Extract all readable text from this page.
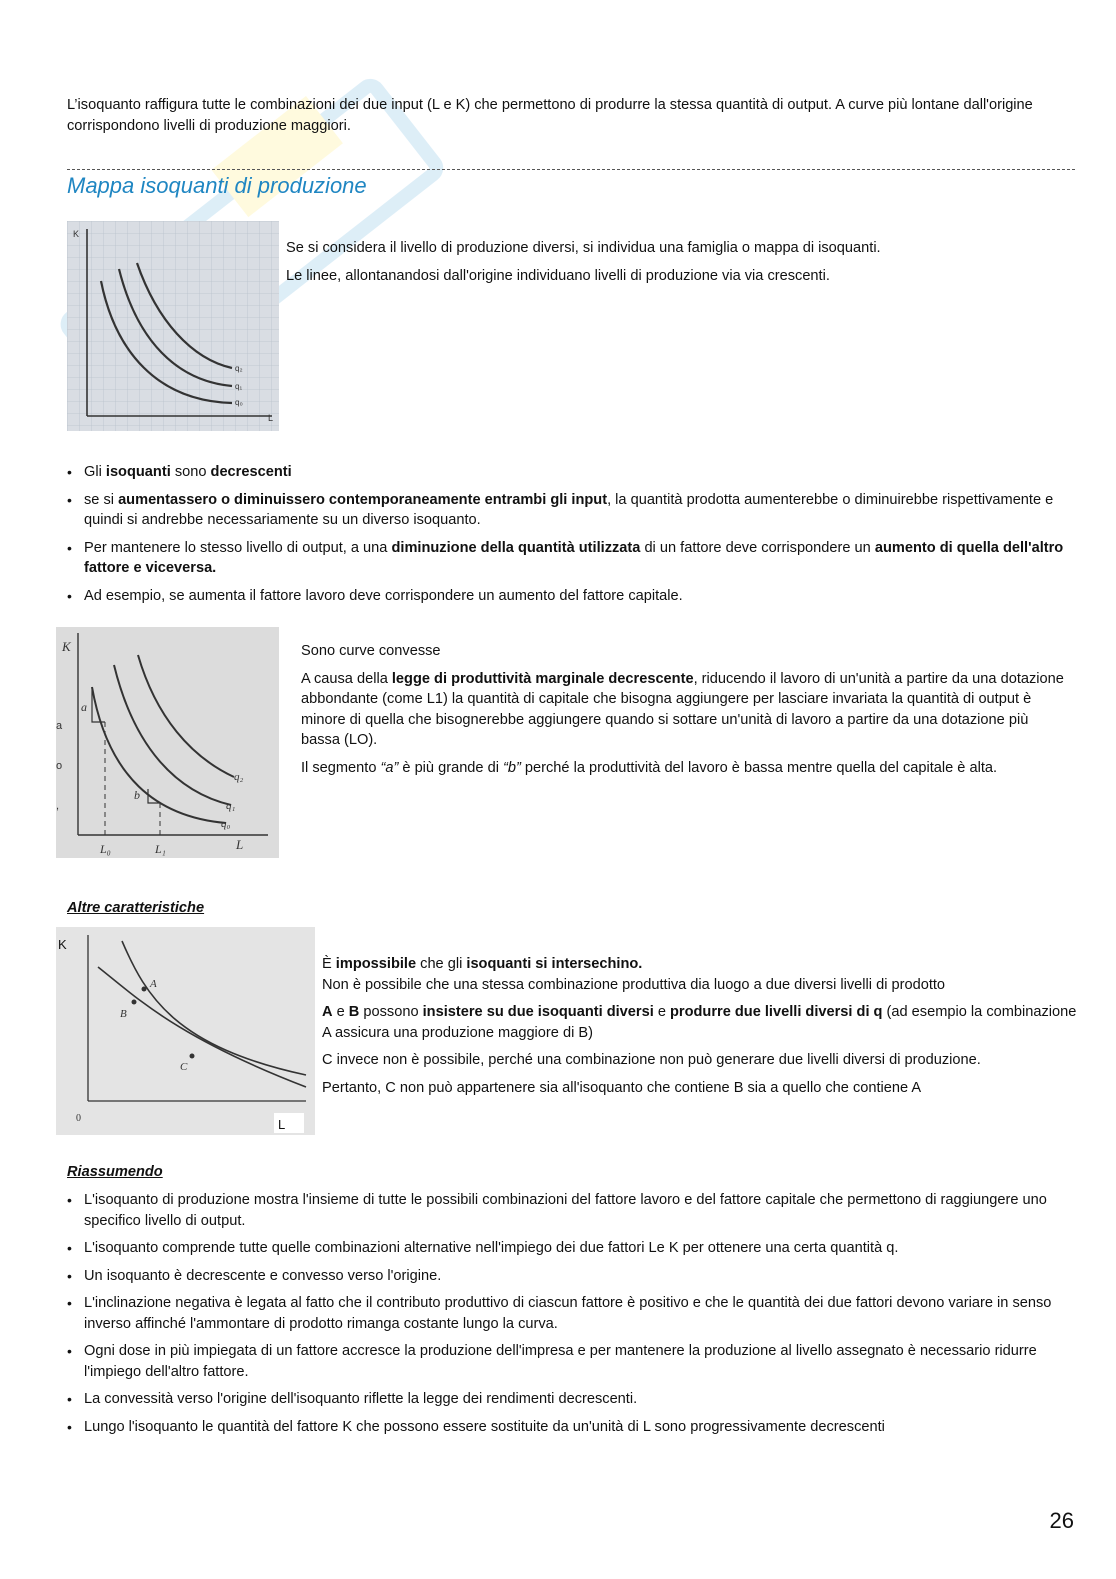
L’isoquanto raffigura tutte le combinazioni dei due input (L e K) che permettono di produrre la stessa quantità di output. A curve più lontane dall'origine corrispondono livelli di produzione maggiori.

Mappa isoquanti di produzione
K
L
q₂
q₁
q₀

Se si considera il livello di produzione diversi, si individua una famiglia o mappa di isoquanti.

Le linee, allontanandosi dall'origine individuano livelli di produzione via via crescenti.

• Gli isoquanti sono decrescenti
• se si aumentassero o diminuissero contemporaneamente entrambi gli input, la quantità prodotta aumenterebbe o diminuirebbe rispettivamente e quindi si andrebbe necessariamente su un diverso isoquanto.
• Per mantenere lo stesso livello di output, a una diminuzione della quantità utilizzata di un fattore deve corrispondere un aumento di quella dell'altro fattore e viceversa.
• Ad esempio, se aumenta il fattore lavoro deve corrispondere un aumento del fattore capitale.
K
L
a
b
L₀	L₁
q₂
q₁
q₀
a
o
,

Sono curve convesse

A causa della legge di produttività marginale decrescente, riducendo il lavoro di un'unità a partire da una dotazione abbondante (come L1) la quantità di capitale che bisogna aggiungere per lasciare invariata la quantità di output è minore di quella che bisognerebbe aggiungere quando si sottare un'unità di lavoro a partire da una dotazione più bassa (LO).

Il segmento “a” è più grande di “b” perché la produttività del lavoro è bassa mentre quella del capitale è alta.

Altre caratteristiche
K
L
0
A
B
C

È impossibile che gli isoquanti si intersechino.
Non è possibile che una stessa combinazione produttiva dia luogo a due diversi livelli di prodotto

A e B possono insistere su due isoquanti diversi e produrre due livelli diversi di q (ad esempio la combinazione A assicura una produzione maggiore di B)

C invece non è possibile, perché una combinazione non può generare due livelli diversi di produzione.

Pertanto, C non può appartenere sia all'isoquanto che contiene B sia a quello che contiene A

Riassumendo
• L'isoquanto di produzione mostra l'insieme di tutte le possibili combinazioni del fattore lavoro e del fattore capitale che permettono di raggiungere uno specifico livello di output.
• L'isoquanto comprende tutte quelle combinazioni alternative nell'impiego dei due fattori Le K per ottenere una certa quantità q.
• Un isoquanto è decrescente e convesso verso l'origine.
• L'inclinazione negativa è legata al fatto che il contributo produttivo di ciascun fattore è positivo e che le quantità dei due fattori devono variare in senso inverso affinché l'ammontare di prodotto rimanga costante lungo la curva.
• Ogni dose in più impiegata di un fattore accresce la produzione dell'impresa e per mantenere la produzione al livello assegnato è necessario ridurre l'impiego dell'altro fattore.
• La convessità verso l'origine dell'isoquanto riflette la legge dei rendimenti decrescenti.
• Lungo l'isoquanto le quantità del fattore K che possono essere sostituite da un'unità di L sono progressivamente decrescenti
26
